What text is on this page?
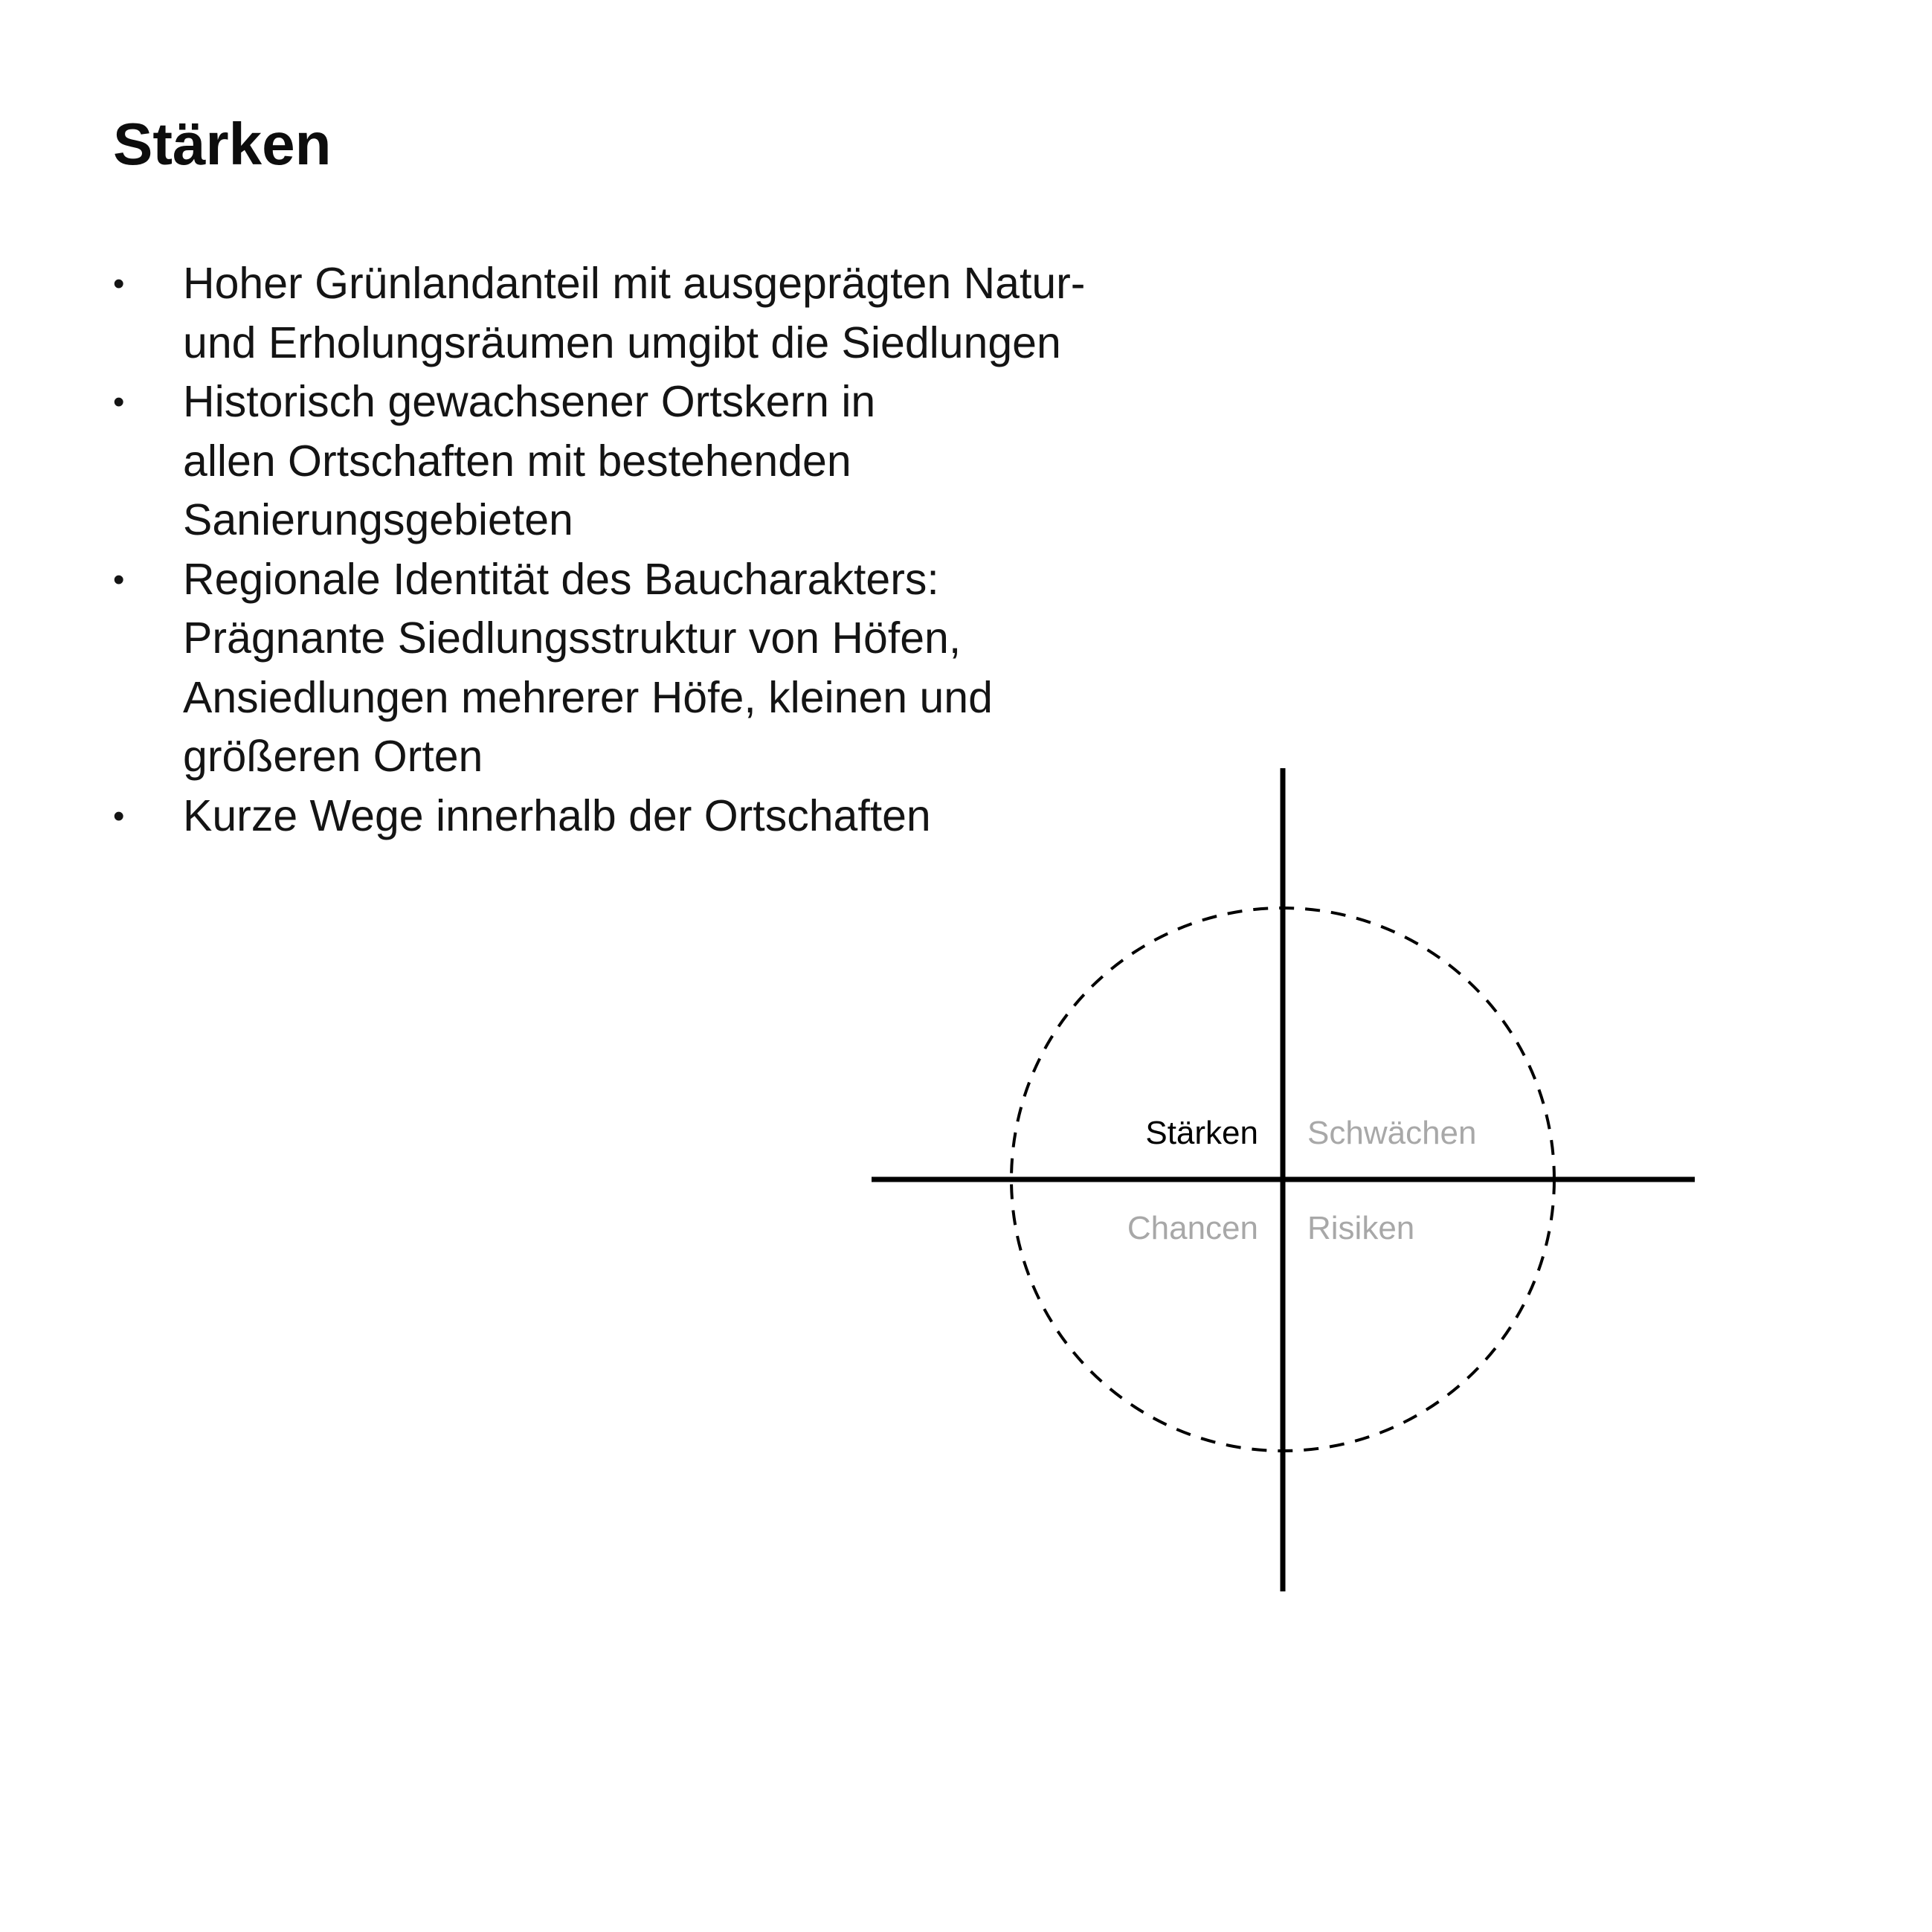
Stärken
• Hoher Grünlandanteil mit ausgeprägten Natur-
und Erholungsräumen umgibt die Siedlungen
• Historisch gewachsener Ortskern in
allen Ortschaften mit bestehenden
Sanierungsgebieten
• Regionale Identität des Baucharakters:
Prägnante Siedlungsstruktur von Höfen,
Ansiedlungen mehrerer Höfe, kleinen und
größeren Orten
• Kurze Wege innerhalb der Ortschaften
Stärken Schwächen
Chancen Risiken
